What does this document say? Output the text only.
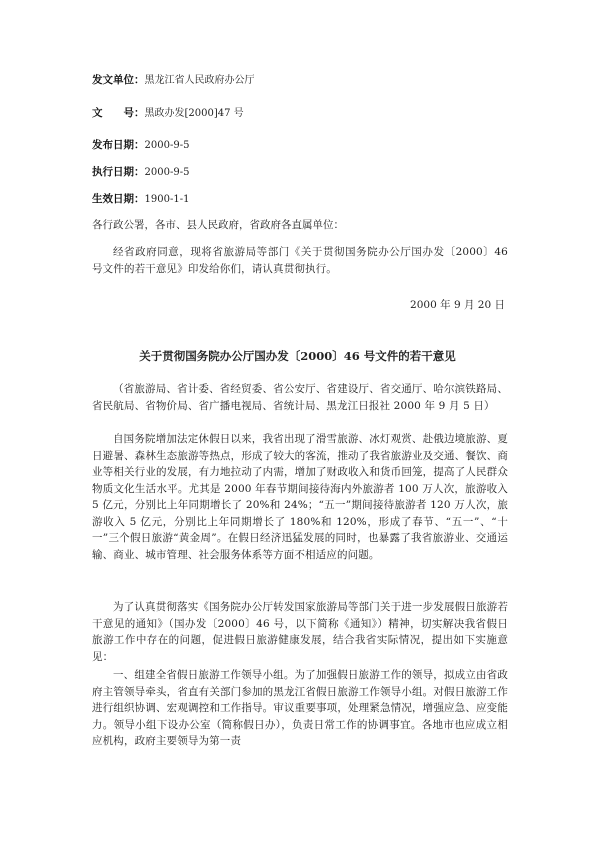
发文单位：黑龙江省人民政府办公厅
文　　号：黑政办发[2000]47 号
发布日期：2000-9-5
执行日期：2000-9-5
生效日期：1900-1-1
各行政公署，各市、县人民政府，省政府各直属单位：
经省政府同意，现将省旅游局等部门《关于贯彻国务院办公厅国办发〔2000〕46 号文件的若干意见》印发给你们，请认真贯彻执行。
2000 年 9 月 20 日
关于贯彻国务院办公厅国办发〔2000〕46 号文件的若干意见
（省旅游局、省计委、省经贸委、省公安厅、省建设厅、省交通厅、哈尔滨铁路局、省民航局、省物价局、省广播电视局、省统计局、黑龙江日报社 2000 年 9 月 5 日）
自国务院增加法定休假日以来，我省出现了滑雪旅游、冰灯观赏、赴俄边境旅游、夏日避暑、森林生态旅游等热点，形成了较大的客流，推动了我省旅游业及交通、餐饮、商业等相关行业的发展，有力地拉动了内需，增加了财政收入和货币回笼，提高了人民群众物质文化生活水平。尤其是 2000 年春节期间接待海内外旅游者 100 万人次，旅游收入 5 亿元，分别比上年同期增长了 20%和 24%；“五一”期间接待旅游者 120 万人次，旅游收入 5 亿元，分别比上年同期增长了 180%和 120%，形成了春节、“五一”、“十一”三个假日旅游“黄金周”。在假日经济迅猛发展的同时，也暴露了我省旅游业、交通运输、商业、城市管理、社会服务体系等方面不相适应的问题。
为了认真贯彻落实《国务院办公厅转发国家旅游局等部门关于进一步发展假日旅游若干意见的通知》（国办发〔2000〕46 号，以下简称《通知》）精神，切实解决我省假日旅游工作中存在的问题，促进假日旅游健康发展，结合我省实际情况，提出如下实施意见：
一、组建全省假日旅游工作领导小组。为了加强假日旅游工作的领导，拟成立由省政府主管领导牵头，省直有关部门参加的黑龙江省假日旅游工作领导小组。对假日旅游工作进行组织协调、宏观调控和工作指导。审议重要事项，处理紧急情况，增强应急、应变能力。领导小组下设办公室（简称假日办），负责日常工作的协调事宜。各地市也应成立相应机构，政府主要领导为第一责
